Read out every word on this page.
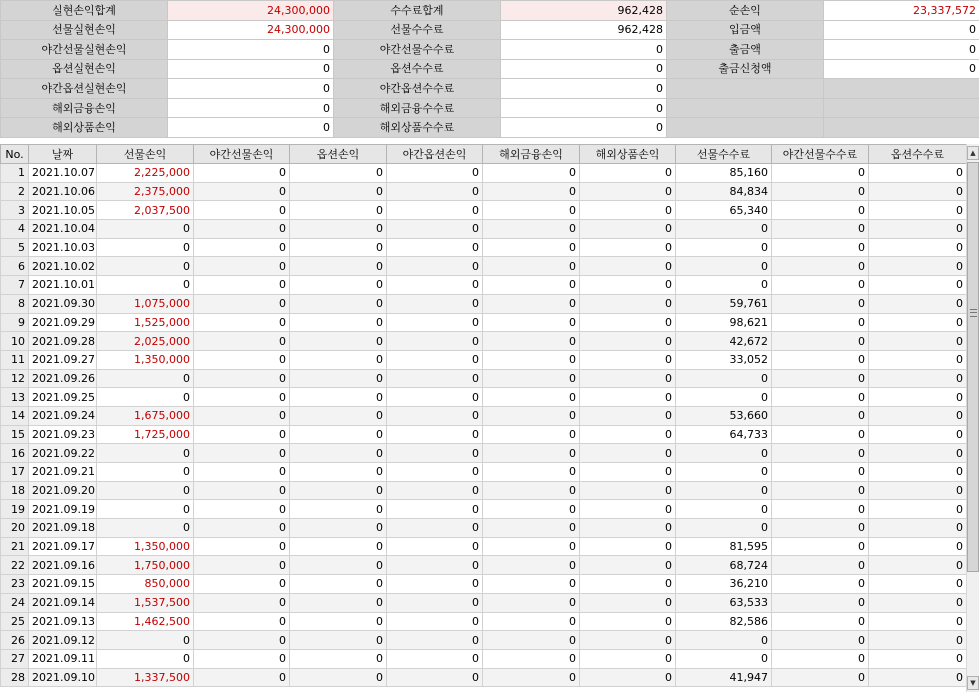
실현손익합계	24,300,000	수수료합계	962,428	순손익	23,337,572
선물실현손익	24,300,000	선물수수료	962,428	입금액	0
야간선물실현손익	0	야간선물수수료	0	출금액	0
옵션실현손익	0	옵션수수료	0	출금신청액	0
야간옵션실현손익	0	야간옵션수수료	0		
해외금융손익	0	해외금융수수료	0		
해외상품손익	0	해외상품수수료	0		
No.	날짜	선물손익	야간선물손익	옵션손익	야간옵션손익	해외금융손익	해외상품손익	선물수수료	야간선물수수료	옵션수수료
1	2021.10.07	2,225,000	0	0	0	0	0	85,160	0	0
2	2021.10.06	2,375,000	0	0	0	0	0	84,834	0	0
3	2021.10.05	2,037,500	0	0	0	0	0	65,340	0	0
4	2021.10.04	0	0	0	0	0	0	0	0	0
5	2021.10.03	0	0	0	0	0	0	0	0	0
6	2021.10.02	0	0	0	0	0	0	0	0	0
7	2021.10.01	0	0	0	0	0	0	0	0	0
8	2021.09.30	1,075,000	0	0	0	0	0	59,761	0	0
9	2021.09.29	1,525,000	0	0	0	0	0	98,621	0	0
10	2021.09.28	2,025,000	0	0	0	0	0	42,672	0	0
11	2021.09.27	1,350,000	0	0	0	0	0	33,052	0	0
12	2021.09.26	0	0	0	0	0	0	0	0	0
13	2021.09.25	0	0	0	0	0	0	0	0	0
14	2021.09.24	1,675,000	0	0	0	0	0	53,660	0	0
15	2021.09.23	1,725,000	0	0	0	0	0	64,733	0	0
16	2021.09.22	0	0	0	0	0	0	0	0	0
17	2021.09.21	0	0	0	0	0	0	0	0	0
18	2021.09.20	0	0	0	0	0	0	0	0	0
19	2021.09.19	0	0	0	0	0	0	0	0	0
20	2021.09.18	0	0	0	0	0	0	0	0	0
21	2021.09.17	1,350,000	0	0	0	0	0	81,595	0	0
22	2021.09.16	1,750,000	0	0	0	0	0	68,724	0	0
23	2021.09.15	850,000	0	0	0	0	0	36,210	0	0
24	2021.09.14	1,537,500	0	0	0	0	0	63,533	0	0
25	2021.09.13	1,462,500	0	0	0	0	0	82,586	0	0
26	2021.09.12	0	0	0	0	0	0	0	0	0
27	2021.09.11	0	0	0	0	0	0	0	0	0
28	2021.09.10	1,337,500	0	0	0	0	0	41,947	0	0
▲
▼
